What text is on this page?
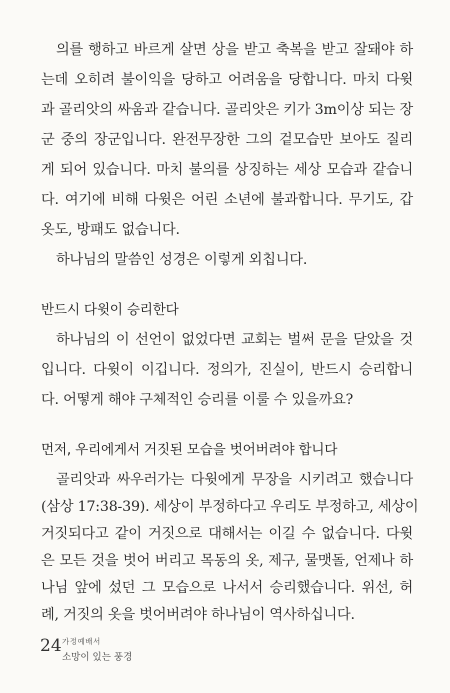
의를 행하고 바르게 살면 상을 받고 축복을 받고 잘돼야 하
는데 오히려 불이익을 당하고 어려움을 당합니다. 마치 다윗
과 골리앗의 싸움과 같습니다. 골리앗은 키가 3m이상 되는 장
군 중의 장군입니다. 완전무장한 그의 겉모습만 보아도 질리
게 되어 있습니다. 마치 불의를 상징하는 세상 모습과 같습니
다. 여기에 비해 다윗은 어린 소년에 불과합니다. 무기도, 갑
옷도, 방패도 없습니다.
하나님의 말씀인 성경은 이렇게 외칩니다.
반드시 다윗이 승리한다
하나님의 이 선언이 없었다면 교회는 벌써 문을 닫았을 것
입니다. 다윗이 이깁니다. 정의가, 진실이, 반드시 승리합니
다. 어떻게 해야 구체적인 승리를 이룰 수 있을까요?
먼저, 우리에게서 거짓된 모습을 벗어버려야 합니다
골리앗과 싸우러가는 다윗에게 무장을 시키려고 했습니다
(삼상 17:38-39). 세상이 부정하다고 우리도 부정하고, 세상이
거짓되다고 같이 거짓으로 대해서는 이길 수 없습니다. 다윗
은 모든 것을 벗어 버리고 목동의 옷, 제구, 물맷돌, 언제나 하
나님 앞에 섰던 그 모습으로 나서서 승리했습니다. 위선, 허
례, 거짓의 옷을 벗어버려야 하나님이 역사하십니다.
24 가정예배서
소망이 있는 풍경
